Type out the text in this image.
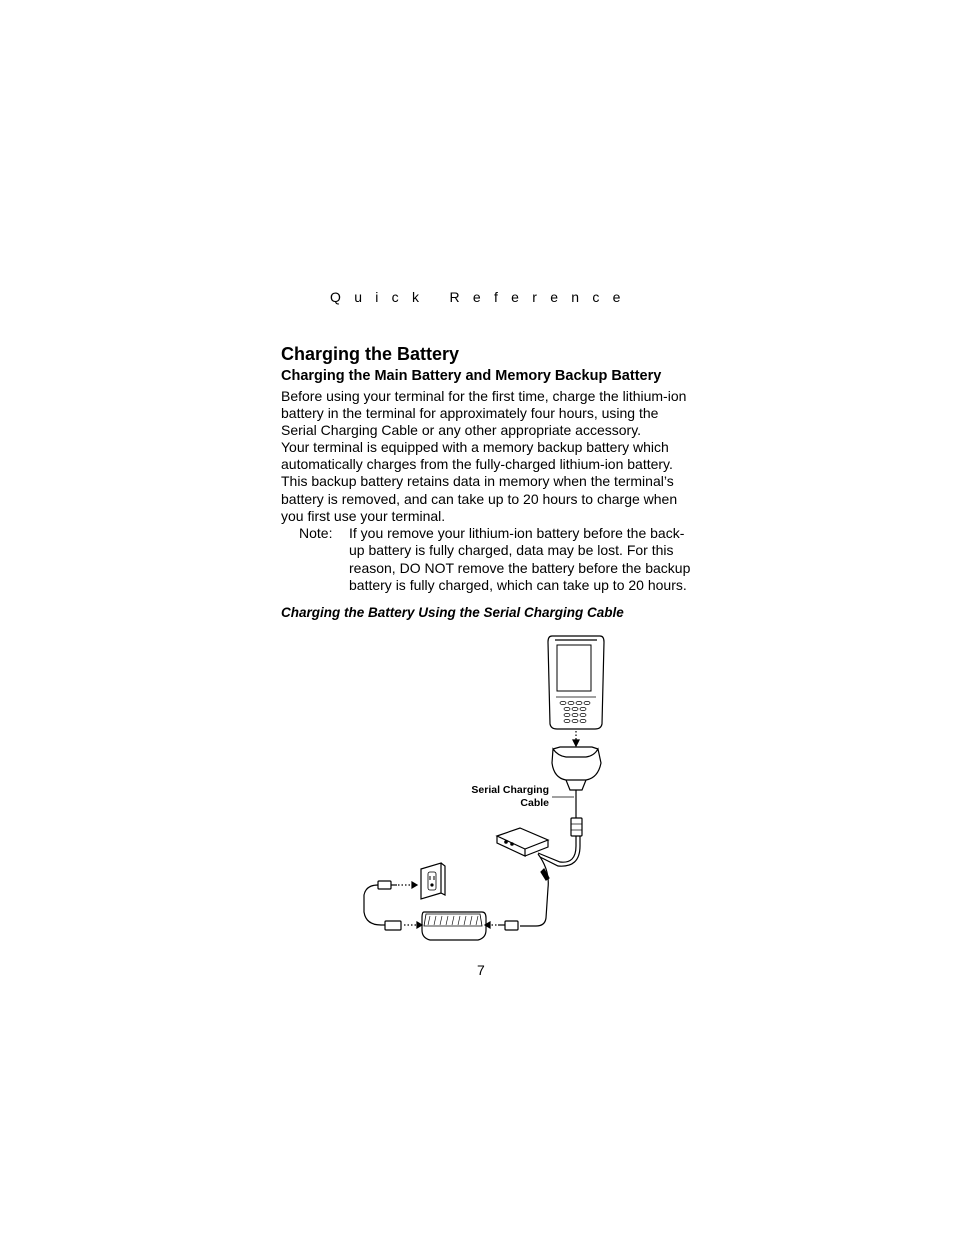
Quick Reference
Charging the Battery
Charging the Main Battery and Memory Backup Battery

Before using your terminal for the first time, charge the lithium-ion battery in the terminal for approximately four hours, using the Serial Charging Cable or any other appropriate accessory.

Your terminal is equipped with a memory backup battery which automatically charges from the fully-charged lithium-ion battery. This backup battery retains data in memory when the terminal’s battery is removed, and can take up to 20 hours to charge when you first use your terminal.

Note: If you remove your lithium-ion battery before the back-up battery is fully charged, data may be lost. For this reason, DO NOT remove the battery before the backup battery is fully charged, which can take up to 20 hours.

Charging the Battery Using the Serial Charging Cable
Serial Charging
Cable
7
